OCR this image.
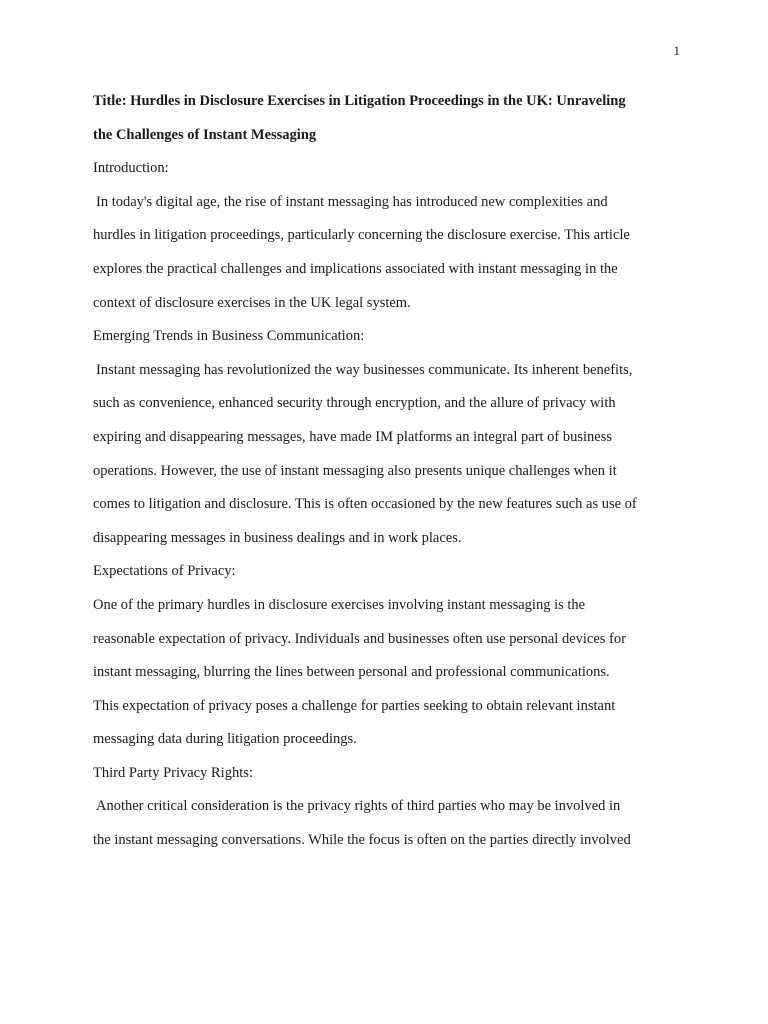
1

Title: Hurdles in Disclosure Exercises in Litigation Proceedings in the UK: Unraveling

the Challenges of Instant Messaging

Introduction:

In today's digital age, the rise of instant messaging has introduced new complexities and

hurdles in litigation proceedings, particularly concerning the disclosure exercise. This article

explores the practical challenges and implications associated with instant messaging in the

context of disclosure exercises in the UK legal system.

Emerging Trends in Business Communication:

Instant messaging has revolutionized the way businesses communicate. Its inherent benefits,

such as convenience, enhanced security through encryption, and the allure of privacy with

expiring and disappearing messages, have made IM platforms an integral part of business

operations. However, the use of instant messaging also presents unique challenges when it

comes to litigation and disclosure. This is often occasioned by the new features such as use of

disappearing messages in business dealings and in work places.

Expectations of Privacy:

One of the primary hurdles in disclosure exercises involving instant messaging is the

reasonable expectation of privacy. Individuals and businesses often use personal devices for

instant messaging, blurring the lines between personal and professional communications.

This expectation of privacy poses a challenge for parties seeking to obtain relevant instant

messaging data during litigation proceedings.

Third Party Privacy Rights:

Another critical consideration is the privacy rights of third parties who may be involved in

the instant messaging conversations. While the focus is often on the parties directly involved
